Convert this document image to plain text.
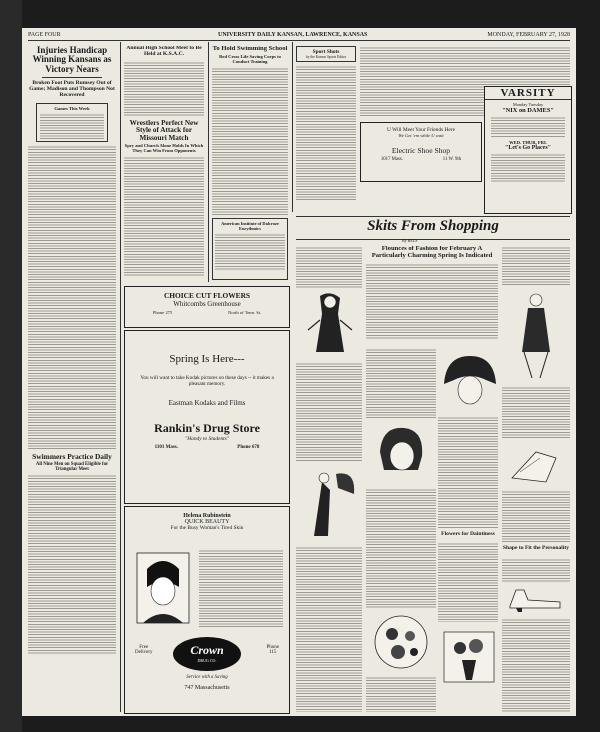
PAGE FOUR	UNIVERSITY DAILY KANSAN, LAWRENCE, KANSAS	MONDAY, FEBRUARY 27, 1928
Injuries Handicap Winning Kansans as Victory Nears
Broken Foot Puts Rumsey Out of Game; Madison and Thompson Not Recovered
Games This Week
Swimmers Practice Daily
All Nine Men on Squad Eligible for Triangular Meet
Annual High School Meet to Be Held at K.S.A.C.
Wrestlers Perfect New Style of Attack for Missouri Match
Spry and Church Alone Holds In Which They Can Win From Opponents
To Hold Swimming School
Red Cross Life Saving Corps to Conduct Training
American Institute of Dalcroze Eurythmics
Sport Shots
by the Kansas Sports Editor
U Will Meet Your Friends Here
We Get 'em while U wait
Electric Shoe Shop
1017 Mass.	11 W. 9th
VARSITY
Monday Tuesday
"NIX on DAMES"
WED. THUR. FRI.
"Let's Go Places"
Skits From Shopping
By BELS
CHOICE CUT FLOWERS
Whitcombs Greenhouse
Phone 275	North of Tenn. St.
Spring Is Here---
You will want to take Kodak pictures on these days -- it makes a pleasant memory.
Eastman Kodaks and Films
Rankin's Drug Store
"Handy to Students"
1101 Mass.	Phone 678
Helena Rubinstein
QUICK BEAUTY
For the Busy Woman's Tired Skin
Crown
DRUG CO.
Free
Delivery
Phone
115
Service with a Saving
747 Massachusetts
Flounces of Fashion for February A Particularly Charming Spring Is Indicated
Flowers for Daintiness
Shape to Fit the Personality
